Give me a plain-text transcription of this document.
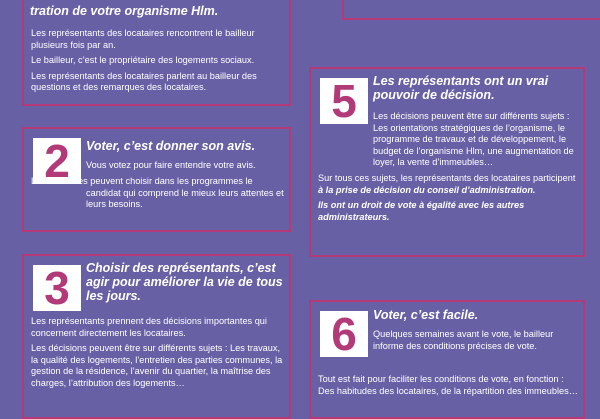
tration de votre organisme Hlm.

Les représentants des locataires rencontrent le bailleur plusieurs fois par an.

Le bailleur, c’est le propriétaire des logements sociaux.

Les représentants des locataires parlent au bailleur des questions et des remarques des locataires.

2	Voter, c’est donner son avis.

Vous votez pour faire entendre votre avis.

Les locataires peuvent choisir dans les programmes le candidat qui comprend le mieux leurs attentes et leurs besoins.

3	Choisir des représentants, c’est agir pour améliorer la vie de tous les jours.

Les représentants prennent des décisions importantes qui concernent directement les locataires.

Les décisions peuvent être sur différents sujets : Les travaux, la qualité des logements, l’entretien des parties communes, la gestion de la résidence, l’avenir du quartier, la maîtrise des charges, l’attribution des logements…

5	Les représentants ont un vrai pouvoir de décision.

Les décisions peuvent être sur différents sujets : Les orientations stratégiques de l’organisme, le programme de travaux et de développement, le budget de l’organisme Hlm, une augmentation de loyer, la vente d’immeubles…

Sur tous ces sujets, les représentants des locataires participent à la prise de décision du conseil d’administration.

Ils ont un droit de vote à égalité avec les autres administrateurs.

6	Voter, c’est facile.

Quelques semaines avant le vote, le bailleur informe des conditions précises de vote.

Tout est fait pour faciliter les conditions de vote, en fonction : Des habitudes des locataires, de la répartition des immeubles…
